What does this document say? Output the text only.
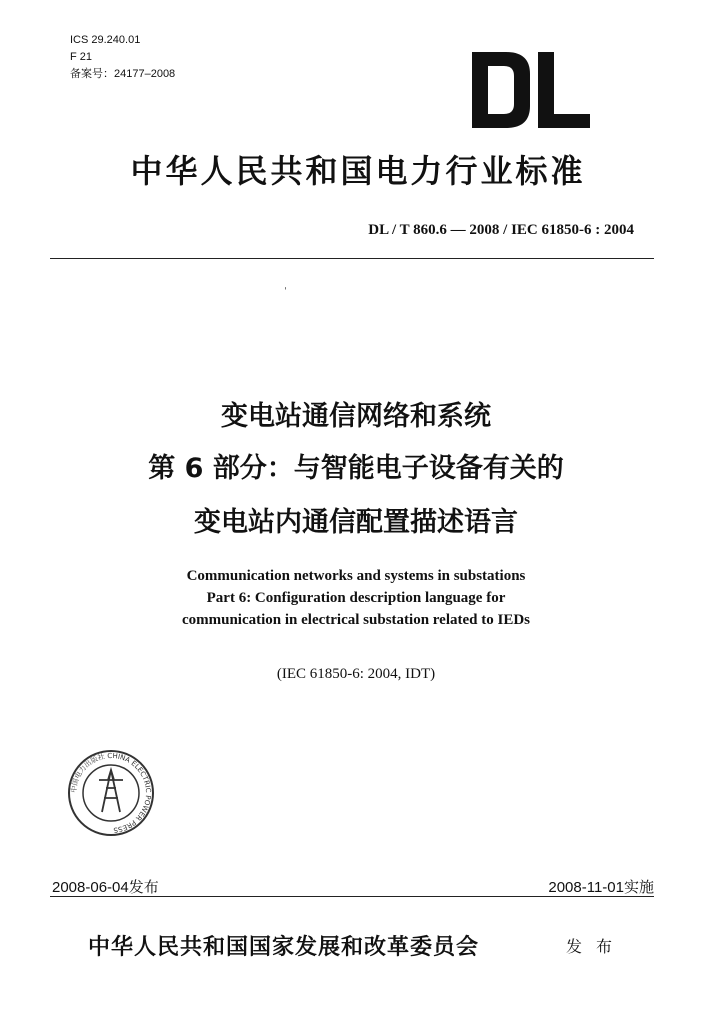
ICS 29.240.01
F 21
备案号：24177–2008
中华人民共和国电力行业标准
DL / T 860.6 — 2008 / IEC 61850-6 : 2004
ˌ
变电站通信网络和系统
第 6 部分：与智能电子设备有关的
变电站内通信配置描述语言
Communication networks and systems in substations
Part 6: Configuration description language for
communication in electrical substation related to IEDs
(IEC 61850-6: 2004, IDT)
中国电力出版社 CHINA ELECTRIC POWER PRESS
2008-06-04发布	2008-11-01实施
中华人民共和国国家发展和改革委员会	发布
